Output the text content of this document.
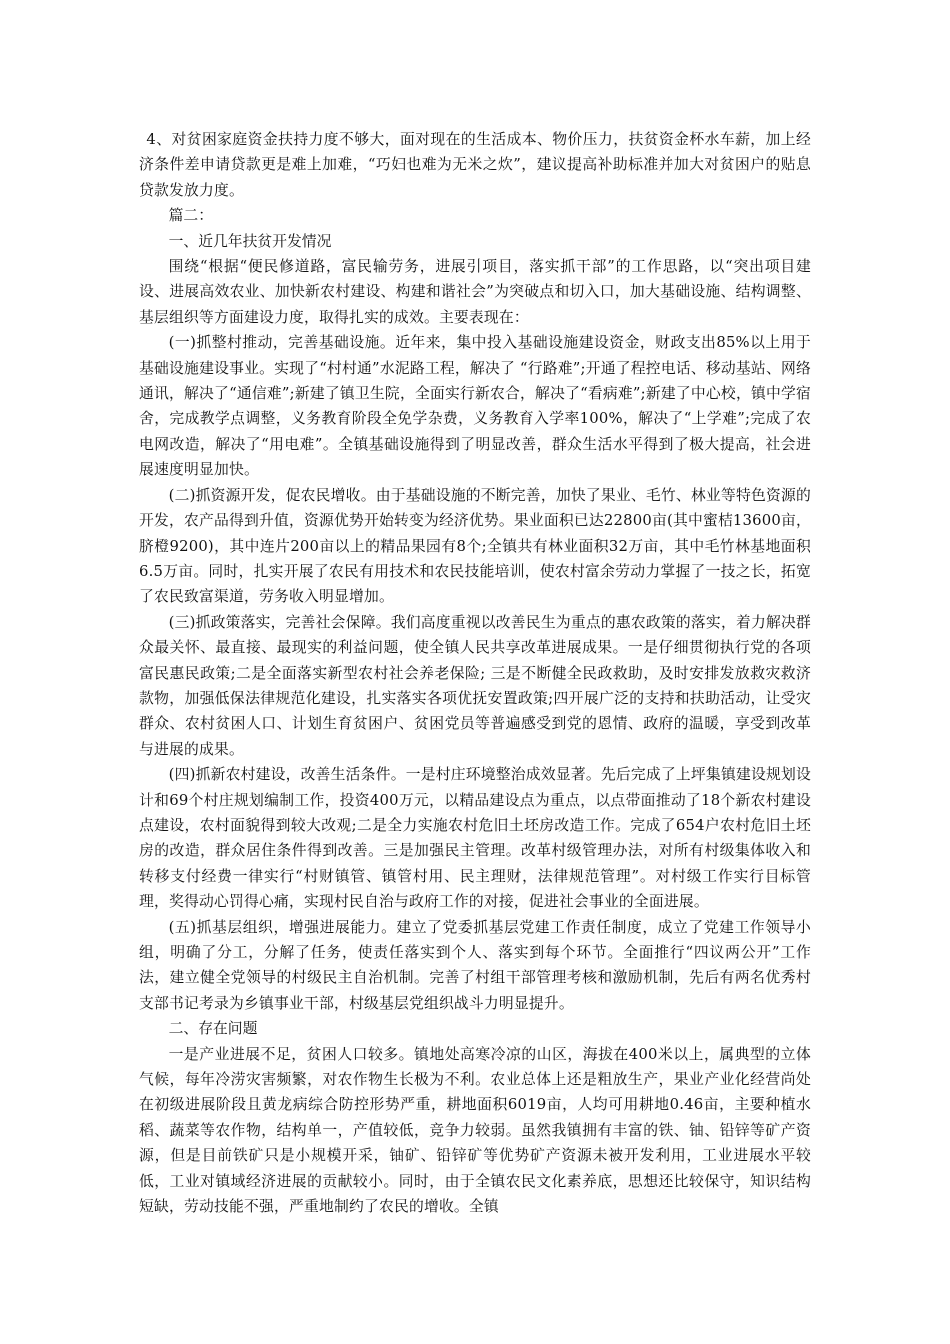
4、对贫困家庭资金扶持力度不够大，面对现在的生活成本、物价压力，扶贫资金杯水车薪，加上经济条件差申请贷款更是难上加难，“巧妇也难为无米之炊”，建议提高补助标准并加大对贫困户的贴息贷款发放力度。

篇二：

一、近几年扶贫开发情况

围绕“根据“便民修道路，富民输劳务，进展引项目，落实抓干部”的工作思路，以“突出项目建设、进展高效农业、加快新农村建设、构建和谐社会”为突破点和切入口，加大基础设施、结构调整、基层组织等方面建设力度，取得扎实的成效。主要表现在：

(一)抓整村推动，完善基础设施。近年来，集中投入基础设施建设资金，财政支出85%以上用于基础设施建设事业。实现了“村村通”水泥路工程，解决了 “行路难”;开通了程控电话、移动基站、网络通讯，解决了“通信难”;新建了镇卫生院，全面实行新农合，解决了“看病难”;新建了中心校，镇中学宿舍，完成教学点调整，义务教育阶段全免学杂费，义务教育入学率100%，解决了“上学难”;完成了农电网改造，解决了“用电难”。全镇基础设施得到了明显改善，群众生活水平得到了极大提高，社会进展速度明显加快。

(二)抓资源开发，促农民增收。由于基础设施的不断完善，加快了果业、毛竹、林业等特色资源的开发，农产品得到升值，资源优势开始转变为经济优势。果业面积已达22800亩(其中蜜桔13600亩，脐橙9200)，其中连片200亩以上的精品果园有8个;全镇共有林业面积32万亩，其中毛竹林基地面积6.5万亩。同时，扎实开展了农民有用技术和农民技能培训，使农村富余劳动力掌握了一技之长，拓宽了农民致富渠道，劳务收入明显增加。

(三)抓政策落实，完善社会保障。我们高度重视以改善民生为重点的惠农政策的落实，着力解决群众最关怀、最直接、最现实的利益问题，使全镇人民共享改革进展成果。一是仔细贯彻执行党的各项富民惠民政策;二是全面落实新型农村社会养老保险; 三是不断健全民政救助，及时安排发放救灾救济款物，加强低保法律规范化建设，扎实落实各项优抚安置政策;四开展广泛的支持和扶助活动，让受灾群众、农村贫困人口、计划生育贫困户、贫困党员等普遍感受到党的恩情、政府的温暖，享受到改革与进展的成果。

(四)抓新农村建设，改善生活条件。一是村庄环境整治成效显著。先后完成了上坪集镇建设规划设计和69个村庄规划编制工作，投资400万元，以精品建设点为重点，以点带面推动了18个新农村建设点建设，农村面貌得到较大改观;二是全力实施农村危旧土坯房改造工作。完成了654户农村危旧土坯房的改造，群众居住条件得到改善。三是加强民主管理。改革村级管理办法，对所有村级集体收入和转移支付经费一律实行“村财镇管、镇管村用、民主理财，法律规范管理”。对村级工作实行目标管理，奖得动心罚得心痛，实现村民自治与政府工作的对接，促进社会事业的全面进展。

(五)抓基层组织，增强进展能力。建立了党委抓基层党建工作责任制度，成立了党建工作领导小组，明确了分工，分解了任务，使责任落实到个人、落实到每个环节。全面推行“四议两公开”工作法，建立健全党领导的村级民主自治机制。完善了村组干部管理考核和激励机制，先后有两名优秀村支部书记考录为乡镇事业干部，村级基层党组织战斗力明显提升。

二、存在问题

一是产业进展不足，贫困人口较多。镇地处高寒冷凉的山区，海拔在400米以上，属典型的立体气候，每年冷涝灾害频繁，对农作物生长极为不利。农业总体上还是粗放生产，果业产业化经营尚处在初级进展阶段且黄龙病综合防控形势严重，耕地面积6019亩，人均可用耕地0.46亩，主要种植水稻、蔬菜等农作物，结构单一，产值较低，竞争力较弱。虽然我镇拥有丰富的铁、铀、铅锌等矿产资源，但是目前铁矿只是小规模开采，铀矿、铅锌矿等优势矿产资源未被开发利用，工业进展水平较低，工业对镇域经济进展的贡献较小。同时，由于全镇农民文化素养底，思想还比较保守，知识结构短缺，劳动技能不强，严重地制约了农民的增收。全镇
